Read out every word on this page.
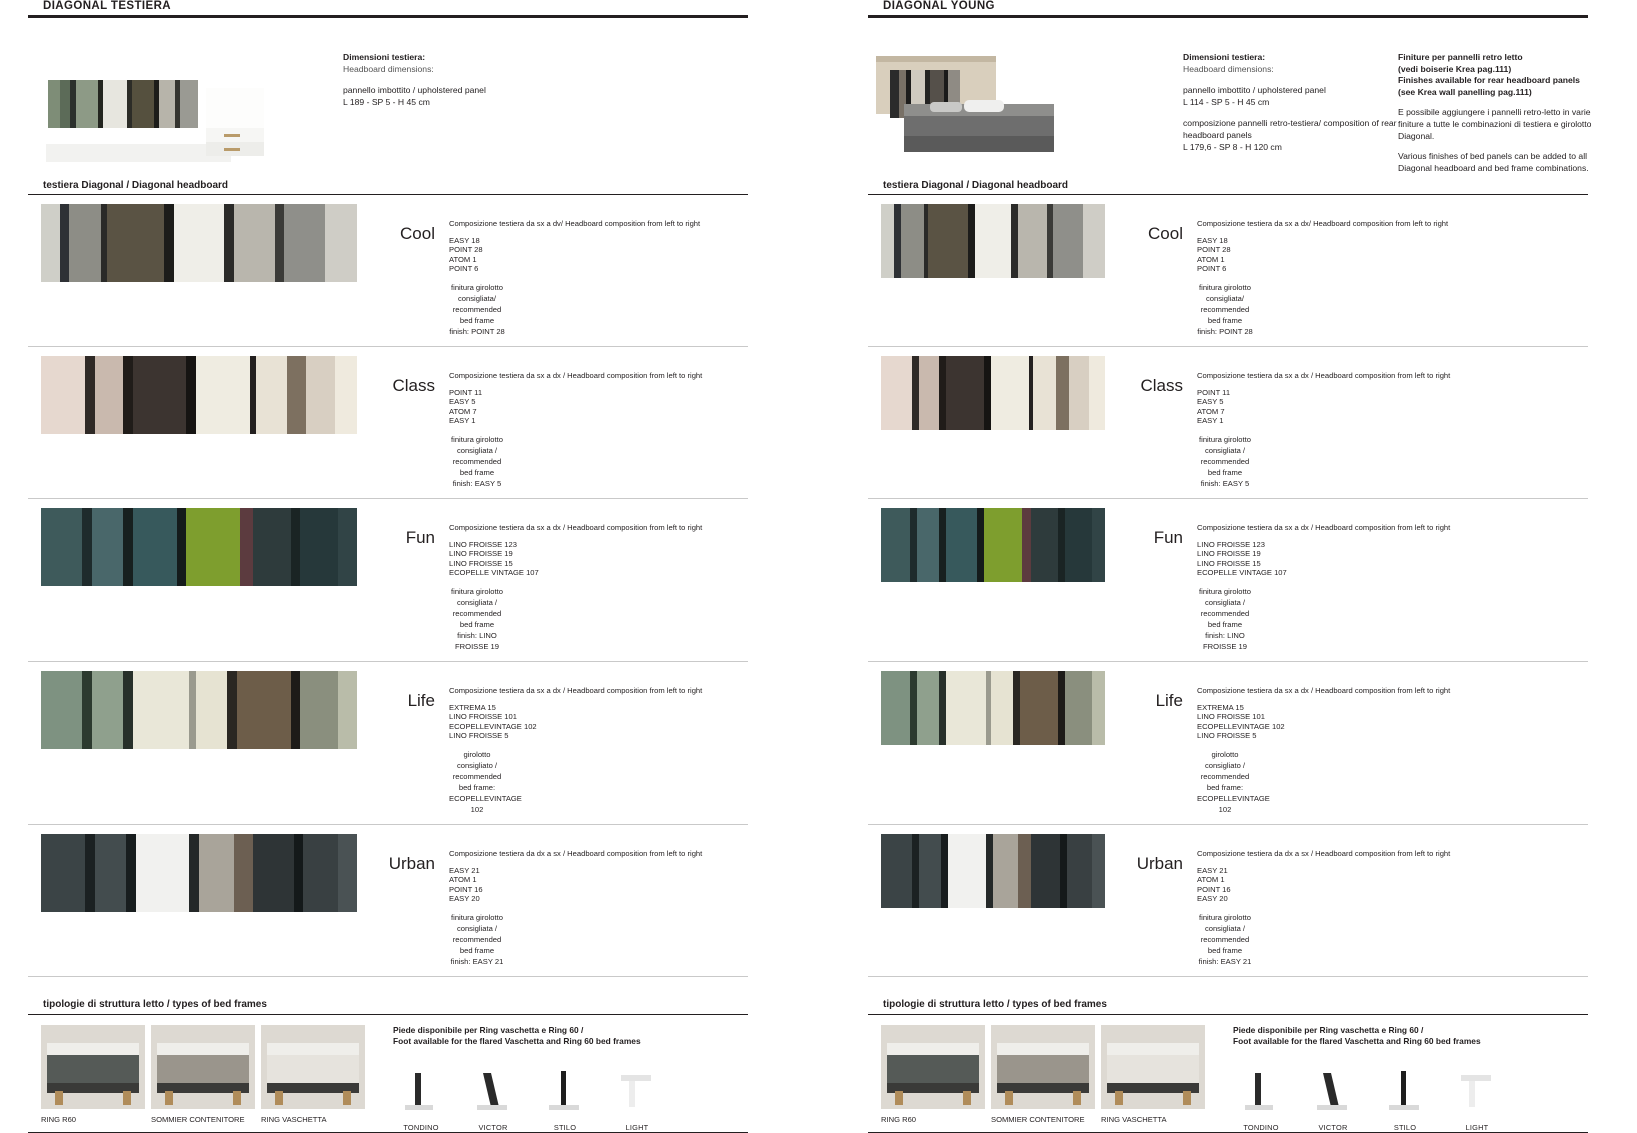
DIAGONAL TESTIERA
Dimensioni testiera:
Headboard dimensions:
pannello imbottito / upholstered panel
L 189 - SP 5 - H 45 cm
testiera Diagonal / Diagonal headboard
Cool
Composizione testiera da sx a dv/ Headboard composition from left to right
EASY 18
POINT 28
ATOM 1
POINT 6
finitura girolotto consigliata/ recommended bed frame finish: POINT 28
Class
Composizione testiera da sx a dx / Headboard composition from left to right
POINT 11
EASY 5
ATOM 7
EASY 1
finitura girolotto consigliata / recommended bed frame finish: EASY 5
Fun
Composizione testiera da sx a dx / Headboard composition from left to right
LINO FROISSE 123
LINO FROISSE 19
LINO FROISSE 15
ECOPELLE VINTAGE 107
finitura girolotto consigliata / recommended bed frame finish: LINO FROISSE 19
Life
Composizione testiera da sx a dx / Headboard composition from left to right
EXTREMA 15
LINO FROISSE 101
ECOPELLEVINTAGE 102
LINO FROISSE 5
girolotto consigliato / recommended bed frame: ECOPELLEVINTAGE 102
Urban
Composizione testiera da dx a sx / Headboard composition from left to right
EASY 21
ATOM 1
POINT 16
EASY 20
finitura girolotto consigliata / recommended bed frame finish: EASY 21
tipologie di struttura letto / types of bed frames
RING R60	SOMMIER CONTENITORE	RING VASCHETTA
Piede disponibile per Ring vaschetta e Ring 60 /
Foot available for the flared Vaschetta and Ring 60 bed frames
TONDINO	VICTOR	STILO	LIGHT
DIAGONAL YOUNG
Dimensioni testiera:
Headboard dimensions:
pannello imbottito / upholstered panel
L 114 - SP 5 - H 45 cm
composizione pannelli retro-testiera/ composition of rear headboard panels
L 179,6 - SP 8 - H 120 cm
Finiture per pannelli retro letto
(vedi boiserie Krea pag.111)
Finishes available for rear headboard panels
(see Krea wall panelling pag.111)

E possibile aggiungere i pannelli retro-letto in varie finiture a tutte le combinazioni di testiera e girolotto Diagonal.

Various finishes of bed panels can be added to all Diagonal headboard and bed frame combinations.

testiera Diagonal / Diagonal headboard
Cool
Composizione testiera da sx a dx/ Headboard composition from left to right
EASY 18
POINT 28
ATOM 1
POINT 6
finitura girolotto consigliata/ recommended bed frame finish: POINT 28
Class
Composizione testiera da sx a dx / Headboard composition from left to right
POINT 11
EASY 5
ATOM 7
EASY 1
finitura girolotto consigliata / recommended bed frame finish: EASY 5
Fun
Composizione testiera da sx a dx / Headboard composition from left to right
LINO FROISSE 123
LINO FROISSE 19
LINO FROISSE 15
ECOPELLE VINTAGE 107
finitura girolotto consigliata / recommended bed frame finish: LINO FROISSE 19
Life
Composizione testiera da sx a dx / Headboard composition from left to right
EXTREMA 15
LINO FROISSE 101
ECOPELLEVINTAGE 102
LINO FROISSE 5
girolotto consigliato / recommended bed frame: ECOPELLEVINTAGE 102
Urban
Composizione testiera da dx a sx / Headboard composition from left to right
EASY 21
ATOM 1
POINT 16
EASY 20
finitura girolotto consigliata / recommended bed frame finish: EASY 21
tipologie di struttura letto / types of bed frames
RING R60	SOMMIER CONTENITORE	RING VASCHETTA
Piede disponibile per Ring vaschetta e Ring 60 /
Foot available for the flared Vaschetta and Ring 60 bed frames
TONDINO	VICTOR	STILO	LIGHT
